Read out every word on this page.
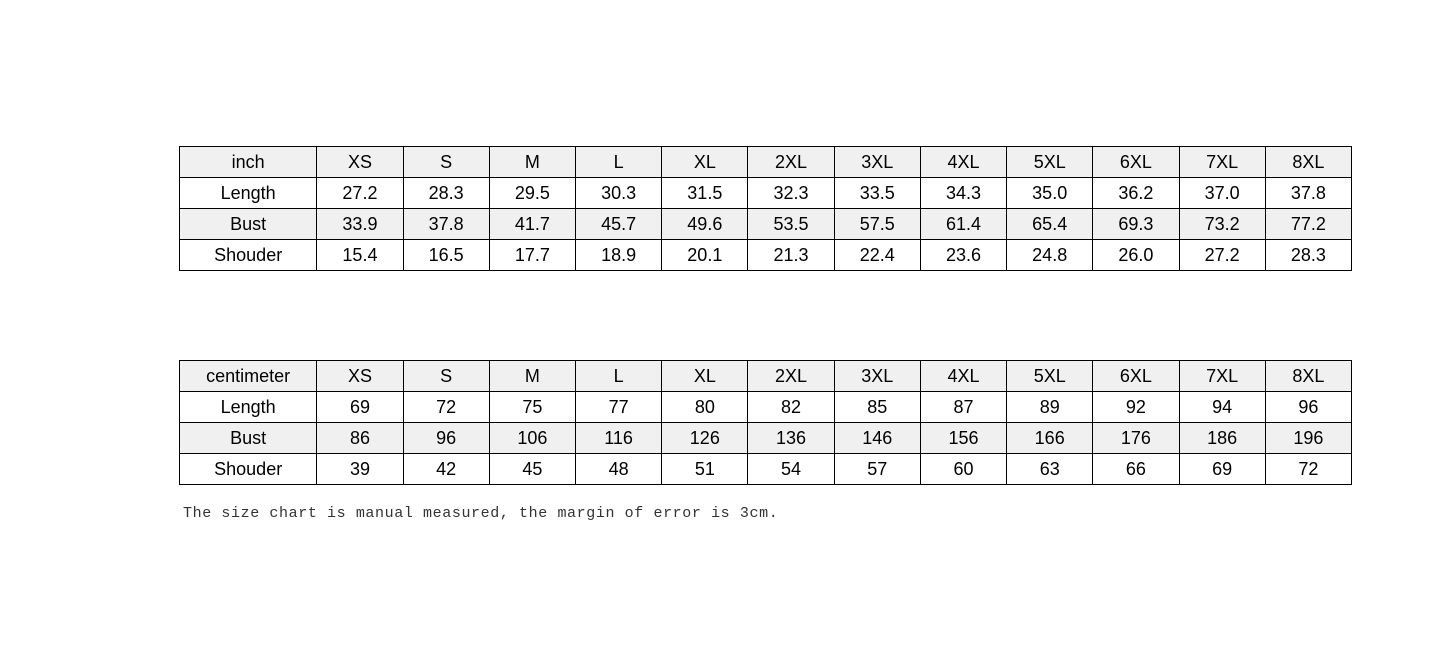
inch	XS	S	M	L	XL	2XL	3XL	4XL	5XL	6XL	7XL	8XL
Length	27.2	28.3	29.5	30.3	31.5	32.3	33.5	34.3	35.0	36.2	37.0	37.8
Bust	33.9	37.8	41.7	45.7	49.6	53.5	57.5	61.4	65.4	69.3	73.2	77.2
Shouder	15.4	16.5	17.7	18.9	20.1	21.3	22.4	23.6	24.8	26.0	27.2	28.3
centimeter	XS	S	M	L	XL	2XL	3XL	4XL	5XL	6XL	7XL	8XL
Length	69	72	75	77	80	82	85	87	89	92	94	96
Bust	86	96	106	116	126	136	146	156	166	176	186	196
Shouder	39	42	45	48	51	54	57	60	63	66	69	72
The size chart is manual measured, the margin of error is 3cm.
